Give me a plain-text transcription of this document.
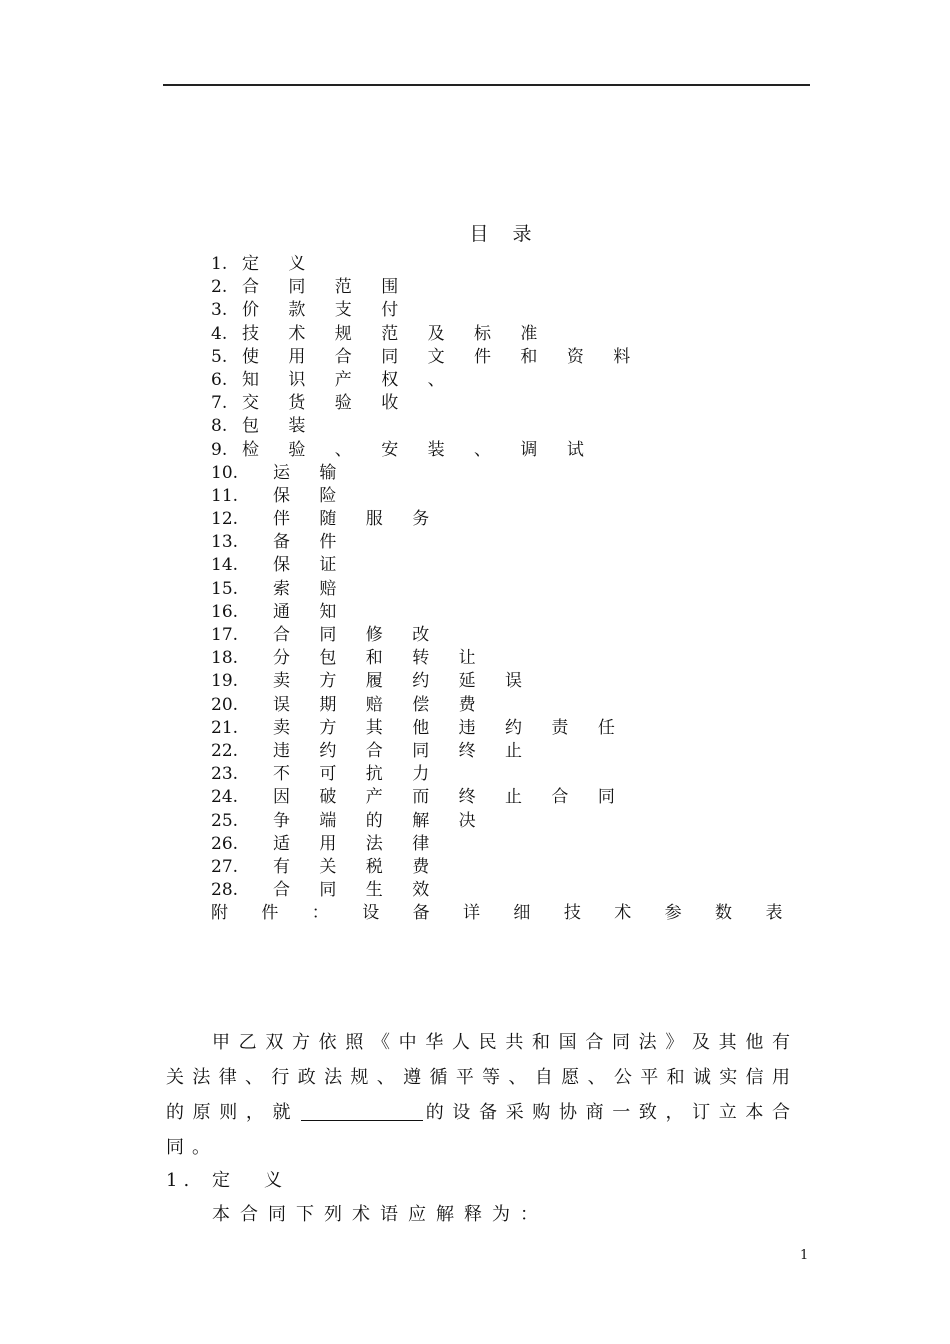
目 录
1. 定 义
2. 合 同 范 围
3. 价 款 支 付
4. 技 术 规 范 及 标 准
5. 使 用 合 同 文 件 和 资 料
6. 知 识 产 权 、
7. 交 货 验 收
8. 包 装
9. 检 验 、 安 装 、 调 试
10. 运 输
11. 保 险
12. 伴 随 服 务
13. 备 件
14. 保 证
15. 索 赔
16. 通 知
17. 合 同 修 改
18. 分 包 和 转 让
19. 卖 方 履 约 延 误
20. 误 期 赔 偿 费
21. 卖 方 其 他 违 约 责 任
22. 违 约 合 同 终 止
23. 不 可 抗 力
24. 因 破 产 而 终 止 合 同
25. 争 端 的 解 决
26. 适 用 法 律
27. 有 关 税 费
28. 合 同 生 效
附 件 ： 设 备 详 细 技 术 参 数 表

甲乙双方依照《中华人民共和国合同法》及其他有关法律、行政法规、遵循平等、自愿、公平和诚实信用的原则，就	的设备采购协商一致，订立本合同。

1. 定义
本合同下列术语应解释为：
1
